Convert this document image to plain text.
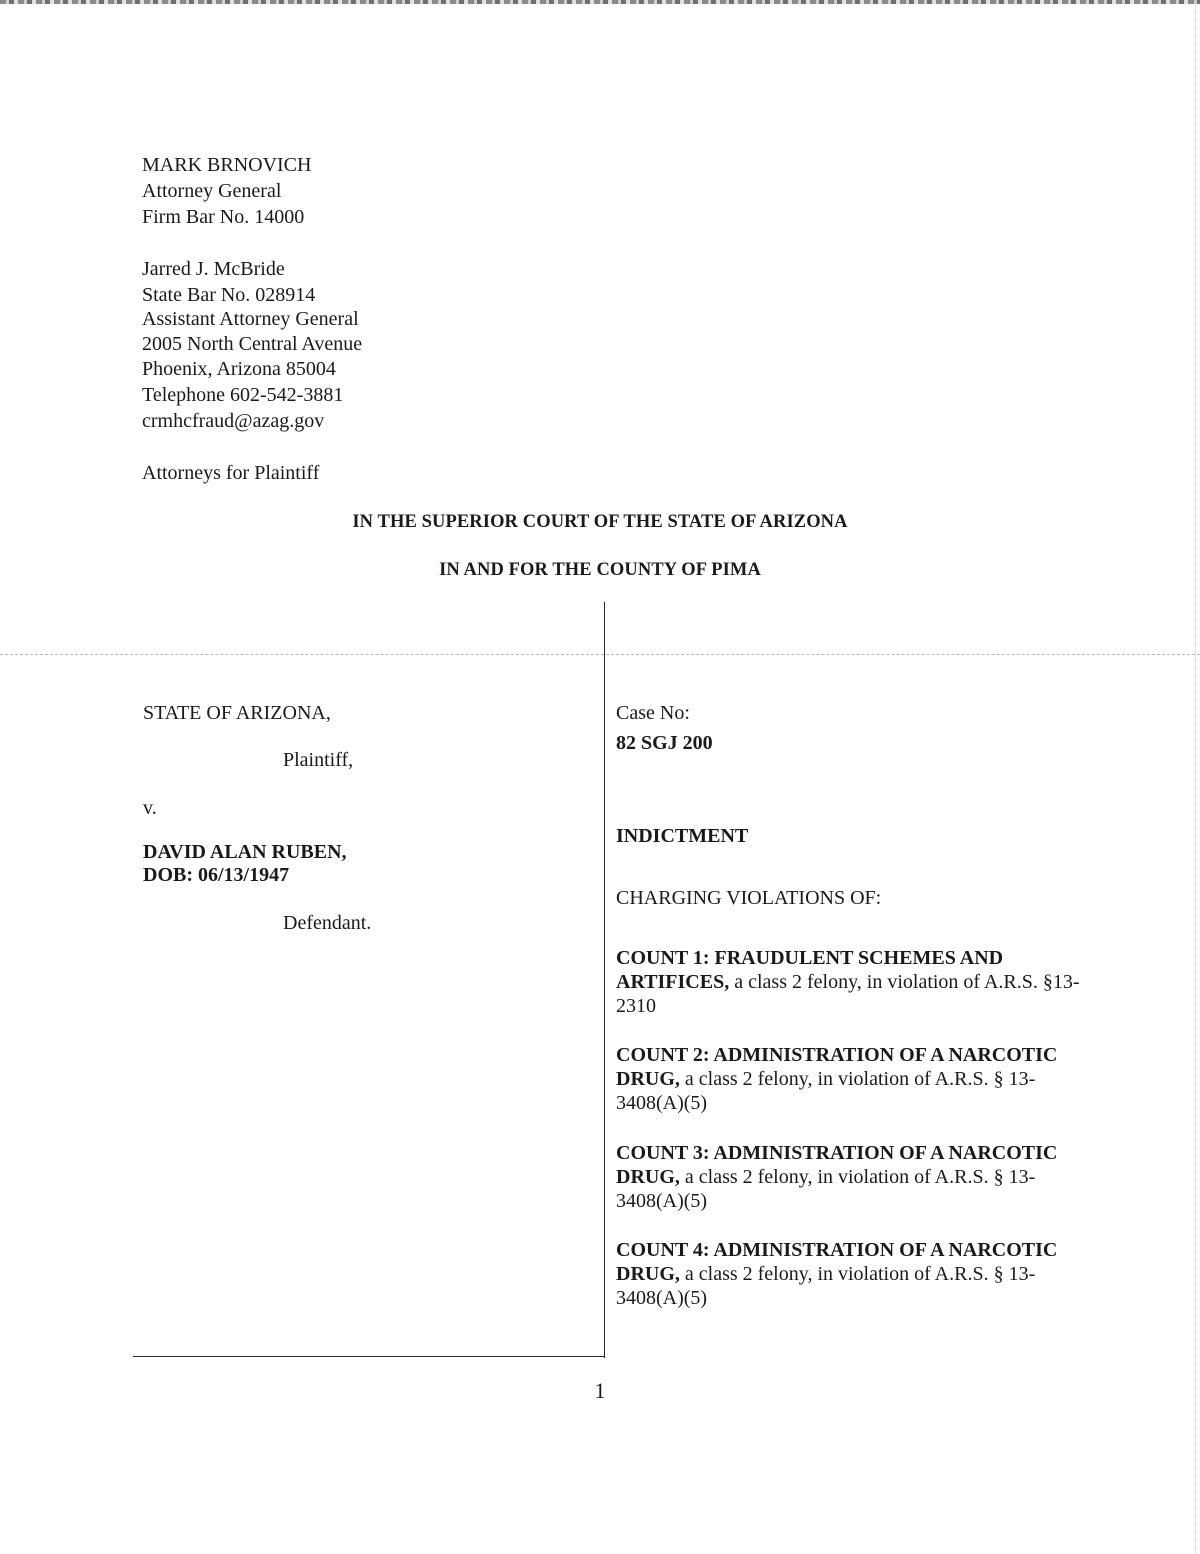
MARK BRNOVICH
Attorney General
Firm Bar No. 14000
Jarred J. McBride
State Bar No. 028914
Assistant Attorney General
2005 North Central Avenue
Phoenix, Arizona 85004
Telephone 602-542-3881
crmhcfraud@azag.gov
Attorneys for Plaintiff
IN THE SUPERIOR COURT OF THE STATE OF ARIZONA
IN AND FOR THE COUNTY OF PIMA
STATE OF ARIZONA,
Plaintiff,
v.
DAVID ALAN RUBEN,
DOB: 06/13/1947
Defendant.
Case No:
82 SGJ 200
INDICTMENT
CHARGING VIOLATIONS OF:
COUNT 1: FRAUDULENT SCHEMES AND ARTIFICES, a class 2 felony, in violation of A.R.S. §13-2310
COUNT 2: ADMINISTRATION OF A NARCOTIC DRUG, a class 2 felony, in violation of A.R.S. § 13-3408(A)(5)
COUNT 3: ADMINISTRATION OF A NARCOTIC DRUG, a class 2 felony, in violation of A.R.S. § 13-3408(A)(5)
COUNT 4: ADMINISTRATION OF A NARCOTIC DRUG, a class 2 felony, in violation of A.R.S. § 13-3408(A)(5)
1
